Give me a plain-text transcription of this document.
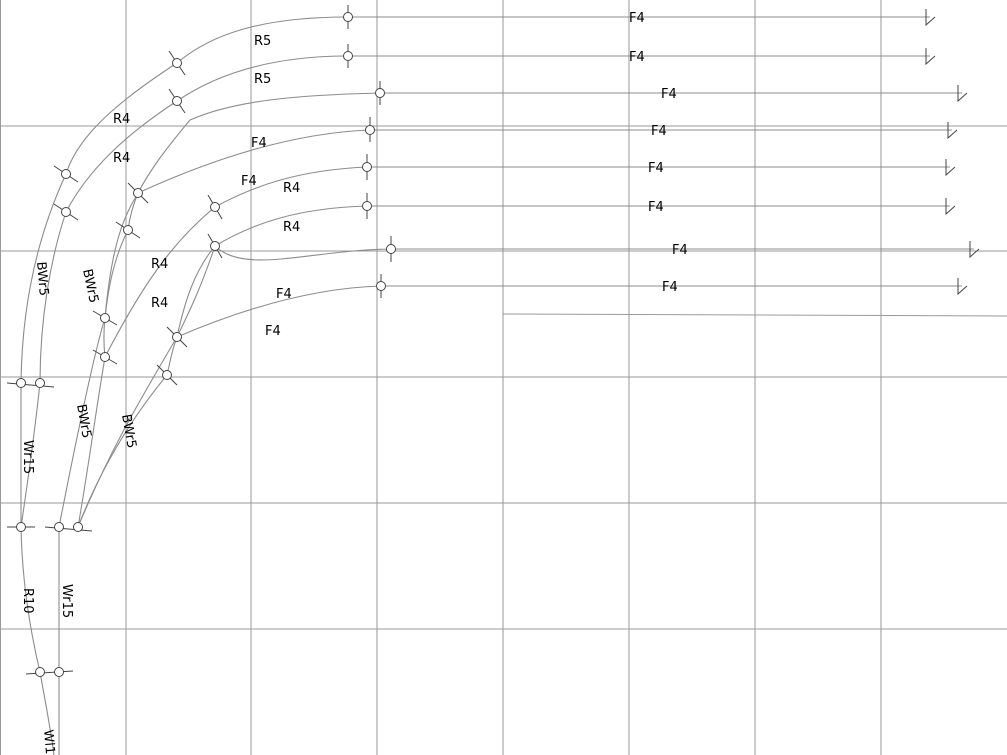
F4
F4
F4
F4
F4
F4
F4
F4
R5
R5
R4
R4
F4
F4 R4
R4
R4
R4
F4
F4
BWr5 BWr5
BWr5 BWr5
Wr15
R10 Wr15
Wl1
